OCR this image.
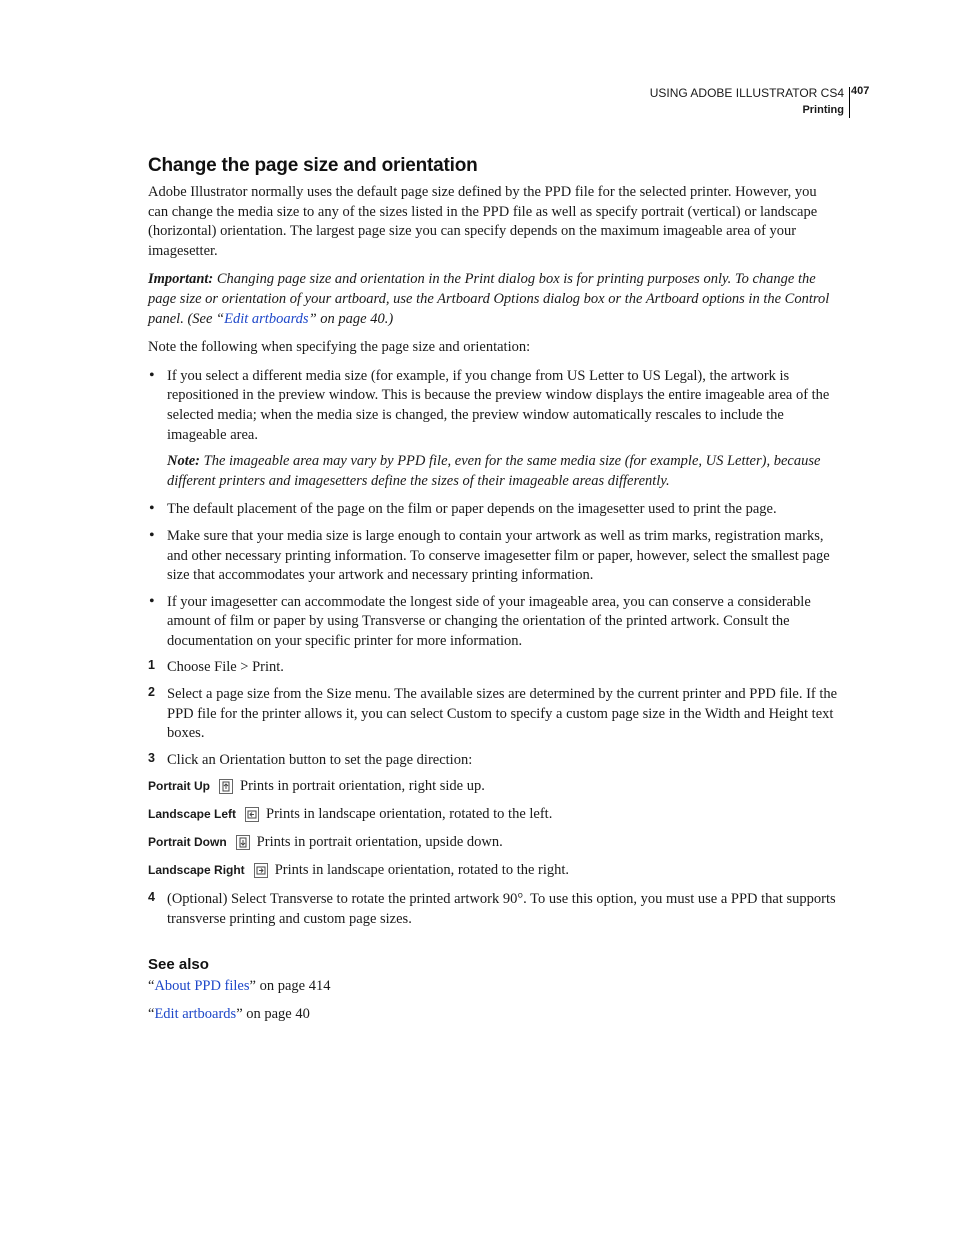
USING ADOBE ILLUSTRATOR CS4
Printing
407
Change the page size and orientation

Adobe Illustrator normally uses the default page size defined by the PPD file for the selected printer. However, you can change the media size to any of the sizes listed in the PPD file as well as specify portrait (vertical) or landscape (horizontal) orientation. The largest page size you can specify depends on the maximum imageable area of your imagesetter.

Important: Changing page size and orientation in the Print dialog box is for printing purposes only. To change the page size or orientation of your artboard, use the Artboard Options dialog box or the Artboard options in the Control panel. (See “Edit artboards” on page 40.)

Note the following when specifying the page size and orientation:

• If you select a different media size (for example, if you change from US Letter to US Legal), the artwork is repositioned in the preview window. This is because the preview window displays the entire imageable area of the selected media; when the media size is changed, the preview window automatically rescales to include the imageable area.

Note: The imageable area may vary by PPD file, even for the same media size (for example, US Letter), because different printers and imagesetters define the sizes of their imageable areas differently.

• The default placement of the page on the film or paper depends on the imagesetter used to print the page.

• Make sure that your media size is large enough to contain your artwork as well as trim marks, registration marks, and other necessary printing information. To conserve imagesetter film or paper, however, select the smallest page size that accommodates your artwork and necessary printing information.

• If your imagesetter can accommodate the longest side of your imageable area, you can conserve a considerable amount of film or paper by using Transverse or changing the orientation of the printed artwork. Consult the documentation on your specific printer for more information.

1 Choose File > Print.

2 Select a page size from the Size menu. The available sizes are determined by the current printer and PPD file. If the PPD file for the printer allows it, you can select Custom to specify a custom page size in the Width and Height text boxes.

3 Click an Orientation button to set the page direction:

Portrait Up Prints in portrait orientation, right side up.
Landscape Left Prints in landscape orientation, rotated to the left.
Portrait Down Prints in portrait orientation, upside down.
Landscape Right Prints in landscape orientation, rotated to the right.
4 (Optional) Select Transverse to rotate the printed artwork 90°. To use this option, you must use a PPD that supports transverse printing and custom page sizes.

See also

“About PPD files” on page 414

“Edit artboards” on page 40
